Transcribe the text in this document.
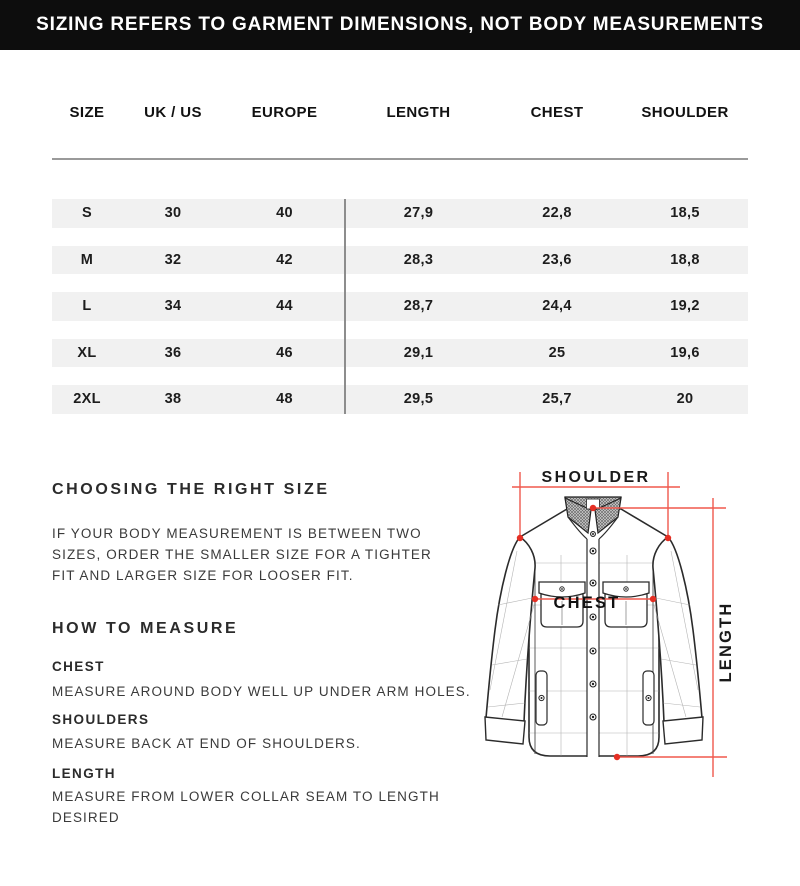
SIZING REFERS TO GARMENT DIMENSIONS, NOT BODY MEASUREMENTS
SIZE	UK / US	EUROPE	LENGTH	CHEST	SHOULDER
S	30	40	27,9	22,8	18,5
M	32	42	28,3	23,6	18,8
L	34	44	28,7	24,4	19,2
XL	36	46	29,1	25	19,6
2XL	38	48	29,5	25,7	20
CHOOSING THE RIGHT SIZE
IF YOUR BODY MEASUREMENT IS BETWEEN TWO SIZES, ORDER THE SMALLER SIZE FOR A TIGHTER FIT AND LARGER SIZE FOR LOOSER FIT.
HOW TO MEASURE
CHEST
MEASURE AROUND BODY WELL UP UNDER ARM HOLES.
SHOULDERS
MEASURE BACK AT END OF SHOULDERS.
LENGTH
MEASURE FROM LOWER COLLAR SEAM TO LENGTH DESIRED
SHOULDER
CHEST	LENGTH
